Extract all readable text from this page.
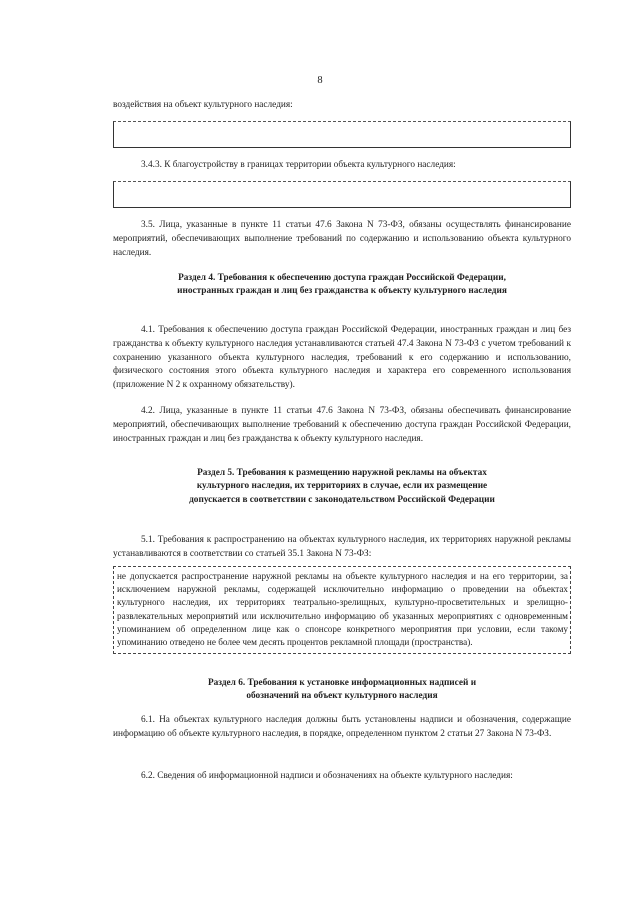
8

воздействия на объект культурного наследия:

3.4.3. К благоустройству в границах территории объекта культурного наследия:

3.5. Лица, указанные в пункте 11 статьи 47.6 Закона N 73-ФЗ, обязаны осуществлять финансирование мероприятий, обеспечивающих выполнение требований по содержанию и использованию объекта культурного наследия.

Раздел 4. Требования к обеспечению доступа граждан Российской Федерации, иностранных граждан и лиц без гражданства к объекту культурного наследия

4.1. Требования к обеспечению доступа граждан Российской Федерации, иностранных граждан и лиц без гражданства к объекту культурного наследия устанавливаются статьей 47.4 Закона N 73-ФЗ с учетом требований к сохранению указанного объекта культурного наследия, требований к его содержанию и использованию, физического состояния этого объекта культурного наследия и характера его современного использования (приложение N 2 к охранному обязательству).

4.2. Лица, указанные в пункте 11 статьи 47.6 Закона N 73-ФЗ, обязаны обеспечивать финансирование мероприятий, обеспечивающих выполнение требований к обеспечению доступа граждан Российской Федерации, иностранных граждан и лиц без гражданства к объекту культурного наследия.

Раздел 5. Требования к размещению наружной рекламы на объектах культурного наследия, их территориях в случае, если их размещение допускается в соответствии с законодательством Российской Федерации

5.1. Требования к распространению на объектах культурного наследия, их территориях наружной рекламы устанавливаются в соответствии со статьей 35.1 Закона N 73-ФЗ:

не допускается распространение наружной рекламы на объекте культурного наследия и на его территории, за исключением наружной рекламы, содержащей исключительно информацию о проведении на объектах культурного наследия, их территориях театрально-зрелищных, культурно-просветительных и зрелищно-развлекательных мероприятий или исключительно информацию об указанных мероприятиях с одновременным упоминанием об определенном лице как о спонсоре конкретного мероприятия при условии, если такому упоминанию отведено не более чем десять процентов рекламной площади (пространства).

Раздел 6. Требования к установке информационных надписей и обозначений на объект культурного наследия

6.1. На объектах культурного наследия должны быть установлены надписи и обозначения, содержащие информацию об объекте культурного наследия, в порядке, определенном пунктом 2 статьи 27 Закона N 73-ФЗ.

6.2. Сведения об информационной надписи и обозначениях на объекте культурного наследия:
